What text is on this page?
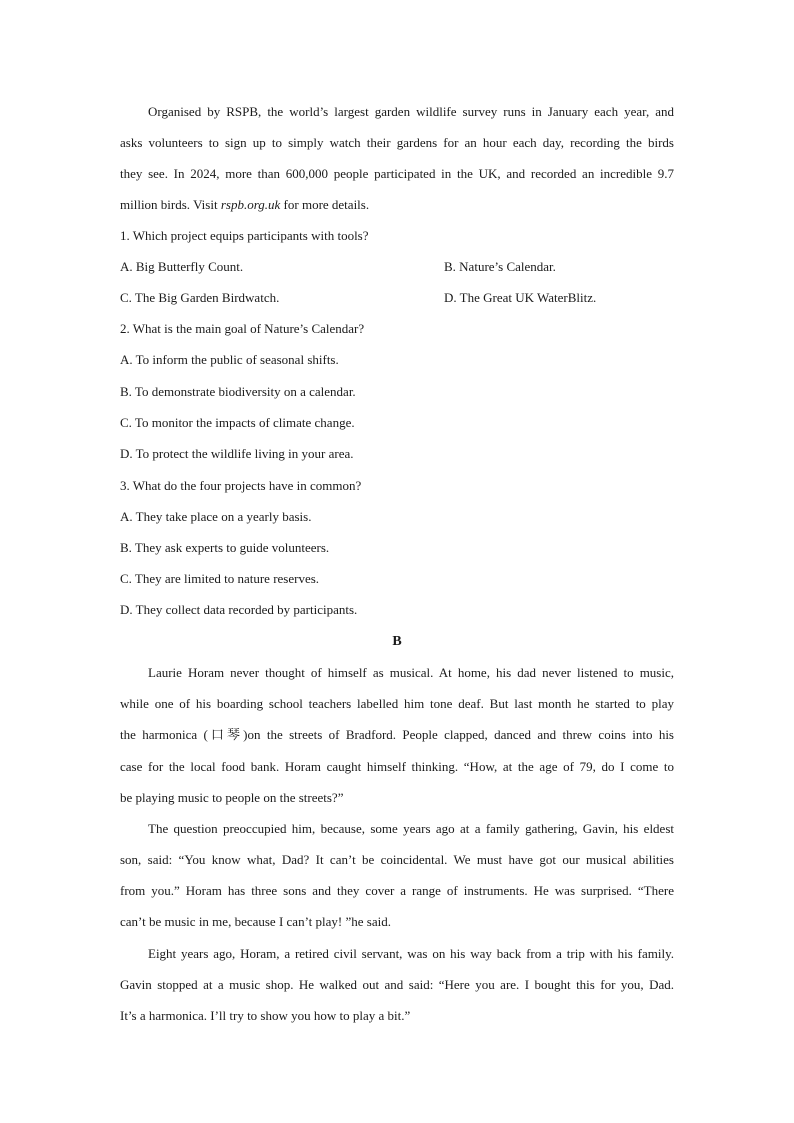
Organised by RSPB, the world’s largest garden wildlife survey runs in January each year, and
asks volunteers to sign up to simply watch their gardens for an hour each day, recording the birds
they see. In 2024, more than 600,000 people participated in the UK, and recorded an incredible 9.7
million birds. Visit rspb.org.uk for more details.
1. Which project equips participants with tools?
A. Big Butterfly Count.	B. Nature’s Calendar.
C. The Big Garden Birdwatch.	D. The Great UK WaterBlitz.
2. What is the main goal of Nature’s Calendar?
A. To inform the public of seasonal shifts.
B. To demonstrate biodiversity on a calendar.
C. To monitor the impacts of climate change.
D. To protect the wildlife living in your area.
3. What do the four projects have in common?
A. They take place on a yearly basis.
B. They ask experts to guide volunteers.
C. They are limited to nature reserves.
D. They collect data recorded by participants.
B
Laurie Horam never thought of himself as musical. At home, his dad never listened to music,
while one of his boarding school teachers labelled him tone deaf. But last month he started to play
the harmonica (口琴)on the streets of Bradford. People clapped, danced and threw coins into his
case for the local food bank. Horam caught himself thinking. “How, at the age of 79, do I come to
be playing music to people on the streets?”
The question preoccupied him, because, some years ago at a family gathering, Gavin, his eldest
son, said: “You know what, Dad? It can’t be coincidental. We must have got our musical abilities
from you.” Horam has three sons and they cover a range of instruments. He was surprised. “There
can’t be music in me, because I can’t play! ”he said.
Eight years ago, Horam, a retired civil servant, was on his way back from a trip with his family.
Gavin stopped at a music shop. He walked out and said: “Here you are. I bought this for you, Dad.
It’s a harmonica. I’ll try to show you how to play a bit.”
